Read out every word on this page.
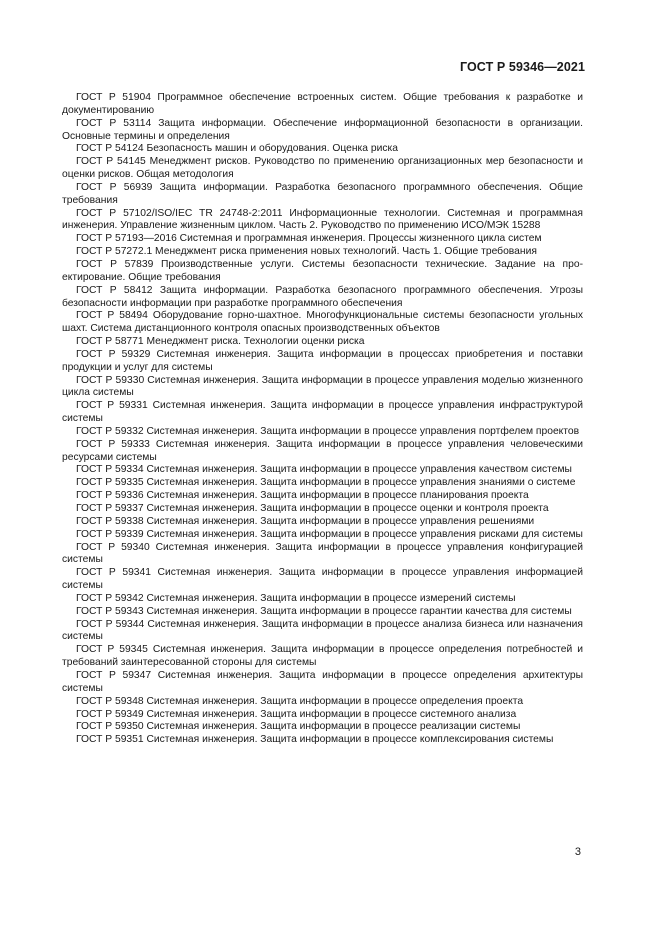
ГОСТ Р 59346—2021
ГОСТ Р 51904 Программное обеспечение встроенных систем. Общие требования к разработке и документированию
ГОСТ Р 53114 Защита информации. Обеспечение информационной безопасности в организации. Основные термины и определения
ГОСТ Р 54124 Безопасность машин и оборудования. Оценка риска
ГОСТ Р 54145 Менеджмент рисков. Руководство по применению организационных мер безопасности и оценки рисков. Общая методология
ГОСТ Р 56939 Защита информации. Разработка безопасного программного обеспечения. Общие требования
ГОСТ Р 57102/ISO/IEC TR 24748-2:2011 Информационные технологии. Системная и программная инженерия. Управление жизненным циклом. Часть 2. Руководство по применению ИСО/МЭК 15288
ГОСТ Р 57193—2016 Системная и программная инженерия. Процессы жизненного цикла систем
ГОСТ Р 57272.1 Менеджмент риска применения новых технологий. Часть 1. Общие требования
ГОСТ Р 57839 Производственные услуги. Системы безопасности технические. Задание на проектирование. Общие требования
ГОСТ Р 58412 Защита информации. Разработка безопасного программного обеспечения. Угрозы безопасности информации при разработке программного обеспечения
ГОСТ Р 58494 Оборудование горно-шахтное. Многофункциональные системы безопасности угольных шахт. Система дистанционного контроля опасных производственных объектов
ГОСТ Р 58771 Менеджмент риска. Технологии оценки риска
ГОСТ Р 59329 Системная инженерия. Защита информации в процессах приобретения и поставки продукции и услуг для системы
ГОСТ Р 59330 Системная инженерия. Защита информации в процессе управления моделью жизненного цикла системы
ГОСТ Р 59331 Системная инженерия. Защита информации в процессе управления инфраструктурой системы
ГОСТ Р 59332 Системная инженерия. Защита информации в процессе управления портфелем проектов
ГОСТ Р 59333 Системная инженерия. Защита информации в процессе управления человеческими ресурсами системы
ГОСТ Р 59334 Системная инженерия. Защита информации в процессе управления качеством системы
ГОСТ Р 59335 Системная инженерия. Защита информации в процессе управления знаниями о системе
ГОСТ Р 59336 Системная инженерия. Защита информации в процессе планирования проекта
ГОСТ Р 59337 Системная инженерия. Защита информации в процессе оценки и контроля проекта
ГОСТ Р 59338 Системная инженерия. Защита информации в процессе управления решениями
ГОСТ Р 59339 Системная инженерия. Защита информации в процессе управления рисками для системы
ГОСТ Р 59340 Системная инженерия. Защита информации в процессе управления конфигурацией системы
ГОСТ Р 59341 Системная инженерия. Защита информации в процессе управления информацией системы
ГОСТ Р 59342 Системная инженерия. Защита информации в процессе измерений системы
ГОСТ Р 59343 Системная инженерия. Защита информации в процессе гарантии качества для системы
ГОСТ Р 59344 Системная инженерия. Защита информации в процессе анализа бизнеса или назначения системы
ГОСТ Р 59345 Системная инженерия. Защита информации в процессе определения потребностей и требований заинтересованной стороны для системы
ГОСТ Р 59347 Системная инженерия. Защита информации в процессе определения архитектуры системы
ГОСТ Р 59348 Системная инженерия. Защита информации в процессе определения проекта
ГОСТ Р 59349 Системная инженерия. Защита информации в процессе системного анализа
ГОСТ Р 59350 Системная инженерия. Защита информации в процессе реализации системы
ГОСТ Р 59351 Системная инженерия. Защита информации в процессе комплексирования системы
3
